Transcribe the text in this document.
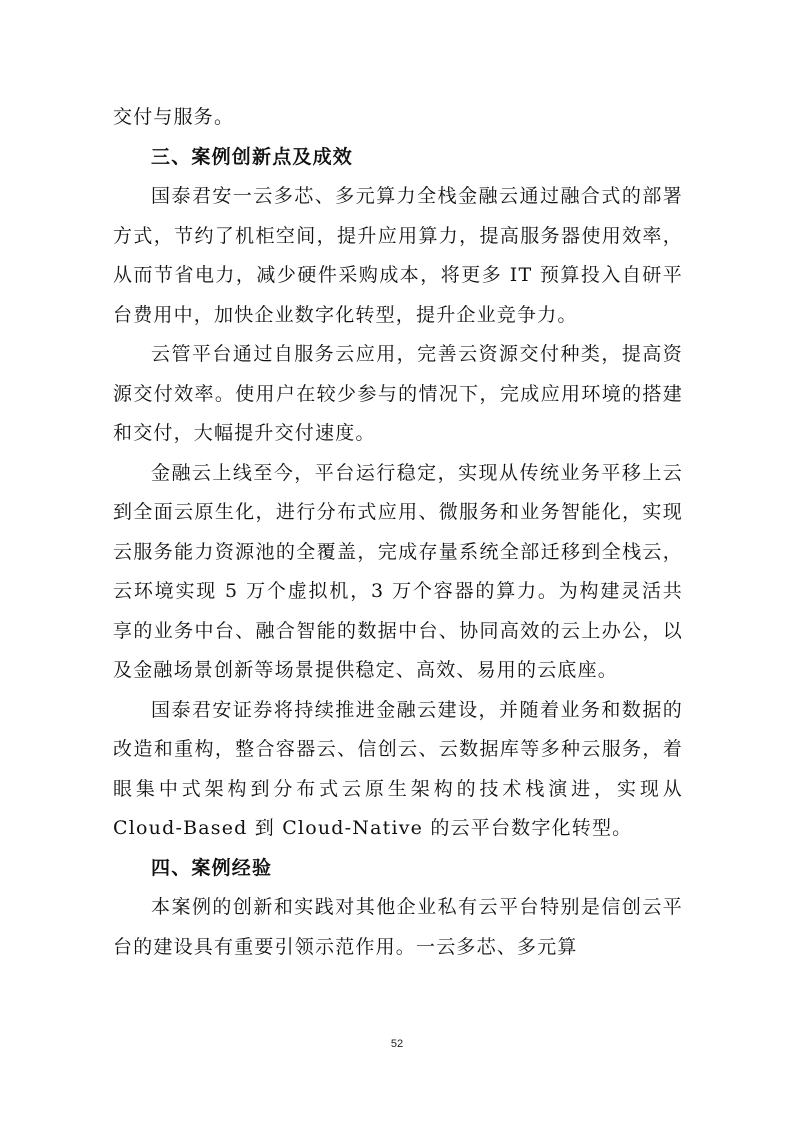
交付与服务。

三、案例创新点及成效

国泰君安一云多芯、多元算力全栈金融云通过融合式的部署方式，节约了机柜空间，提升应用算力，提高服务器使用效率，从而节省电力，减少硬件采购成本，将更多 IT 预算投入自研平台费用中，加快企业数字化转型，提升企业竞争力。

云管平台通过自服务云应用，完善云资源交付种类，提高资源交付效率。使用户在较少参与的情况下，完成应用环境的搭建和交付，大幅提升交付速度。

金融云上线至今，平台运行稳定，实现从传统业务平移上云到全面云原生化，进行分布式应用、微服务和业务智能化，实现云服务能力资源池的全覆盖，完成存量系统全部迁移到全栈云，云环境实现 5 万个虚拟机，3 万个容器的算力。为构建灵活共享的业务中台、融合智能的数据中台、协同高效的云上办公，以及金融场景创新等场景提供稳定、高效、易用的云底座。

国泰君安证券将持续推进金融云建设，并随着业务和数据的改造和重构，整合容器云、信创云、云数据库等多种云服务，着眼集中式架构到分布式云原生架构的技术栈演进，实现从 Cloud-Based 到 Cloud-Native 的云平台数字化转型。

四、案例经验

本案例的创新和实践对其他企业私有云平台特别是信创云平台的建设具有重要引领示范作用。一云多芯、多元算

52
